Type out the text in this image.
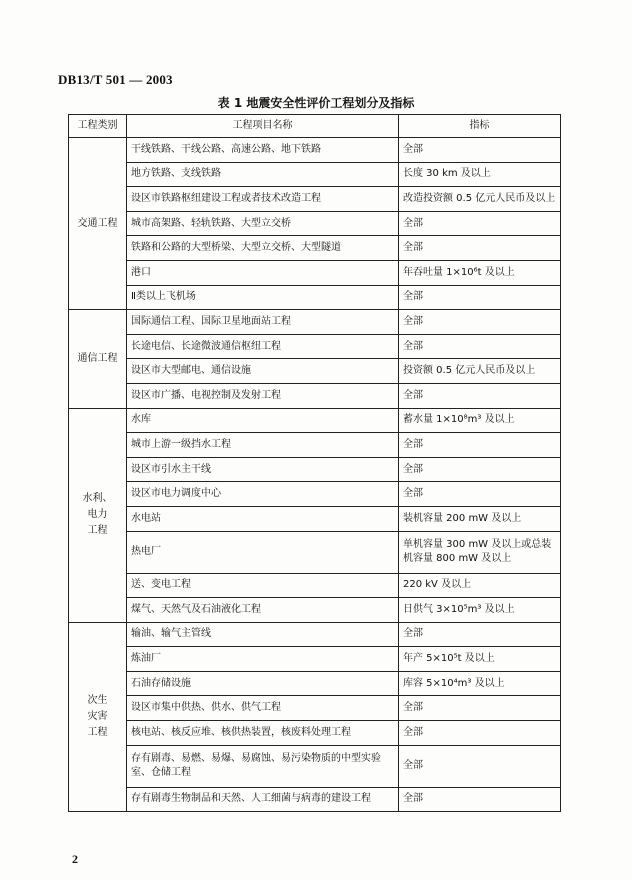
DB13/T 501 — 2003
表 1 地震安全性评价工程划分及指标
工程类别	工程项目名称	指标
交通工程	干线铁路、干线公路、高速公路、地下铁路	全部
	地方铁路、支线铁路	长度 30 km 及以上
	设区市铁路枢纽建设工程或者技术改造工程	改造投资额 0.5 亿元人民币及以上
	城市高架路、轻轨铁路、大型立交桥	全部
	铁路和公路的大型桥梁、大型立交桥、大型隧道	全部
	港口	年吞吐量 1×10⁶t 及以上
	Ⅱ类以上飞机场	全部
通信工程	国际通信工程、国际卫星地面站工程	全部
	长途电信、长途微波通信枢纽工程	全部
	设区市大型邮电、通信设施	投资额 0.5 亿元人民币及以上
	设区市广播、电视控制及发射工程	全部
水利、
电力
工程	水库	蓄水量 1×10⁸m³ 及以上
	城市上游一级挡水工程	全部
	设区市引水主干线	全部
	设区市电力调度中心	全部
	水电站	装机容量 200 mW 及以上
	热电厂	单机容量 300 mW 及以上或总装机容量 800 mW 及以上
	送、变电工程	220 kV 及以上
	煤气、天然气及石油液化工程	日供气 3×10⁵m³ 及以上
次生
灾害
工程	输油、输气主管线	全部
	炼油厂	年产 5×10⁵t 及以上
	石油存储设施	库容 5×10⁴m³ 及以上
	设区市集中供热、供水、供气工程	全部
	核电站、核反应堆、核供热装置，核废料处理工程	全部
	存有剧毒、易燃、易爆、易腐蚀、易污染物质的中型实验室、仓储工程	全部
	存有剧毒生物制品和天然、人工细菌与病毒的建设工程	全部
2
